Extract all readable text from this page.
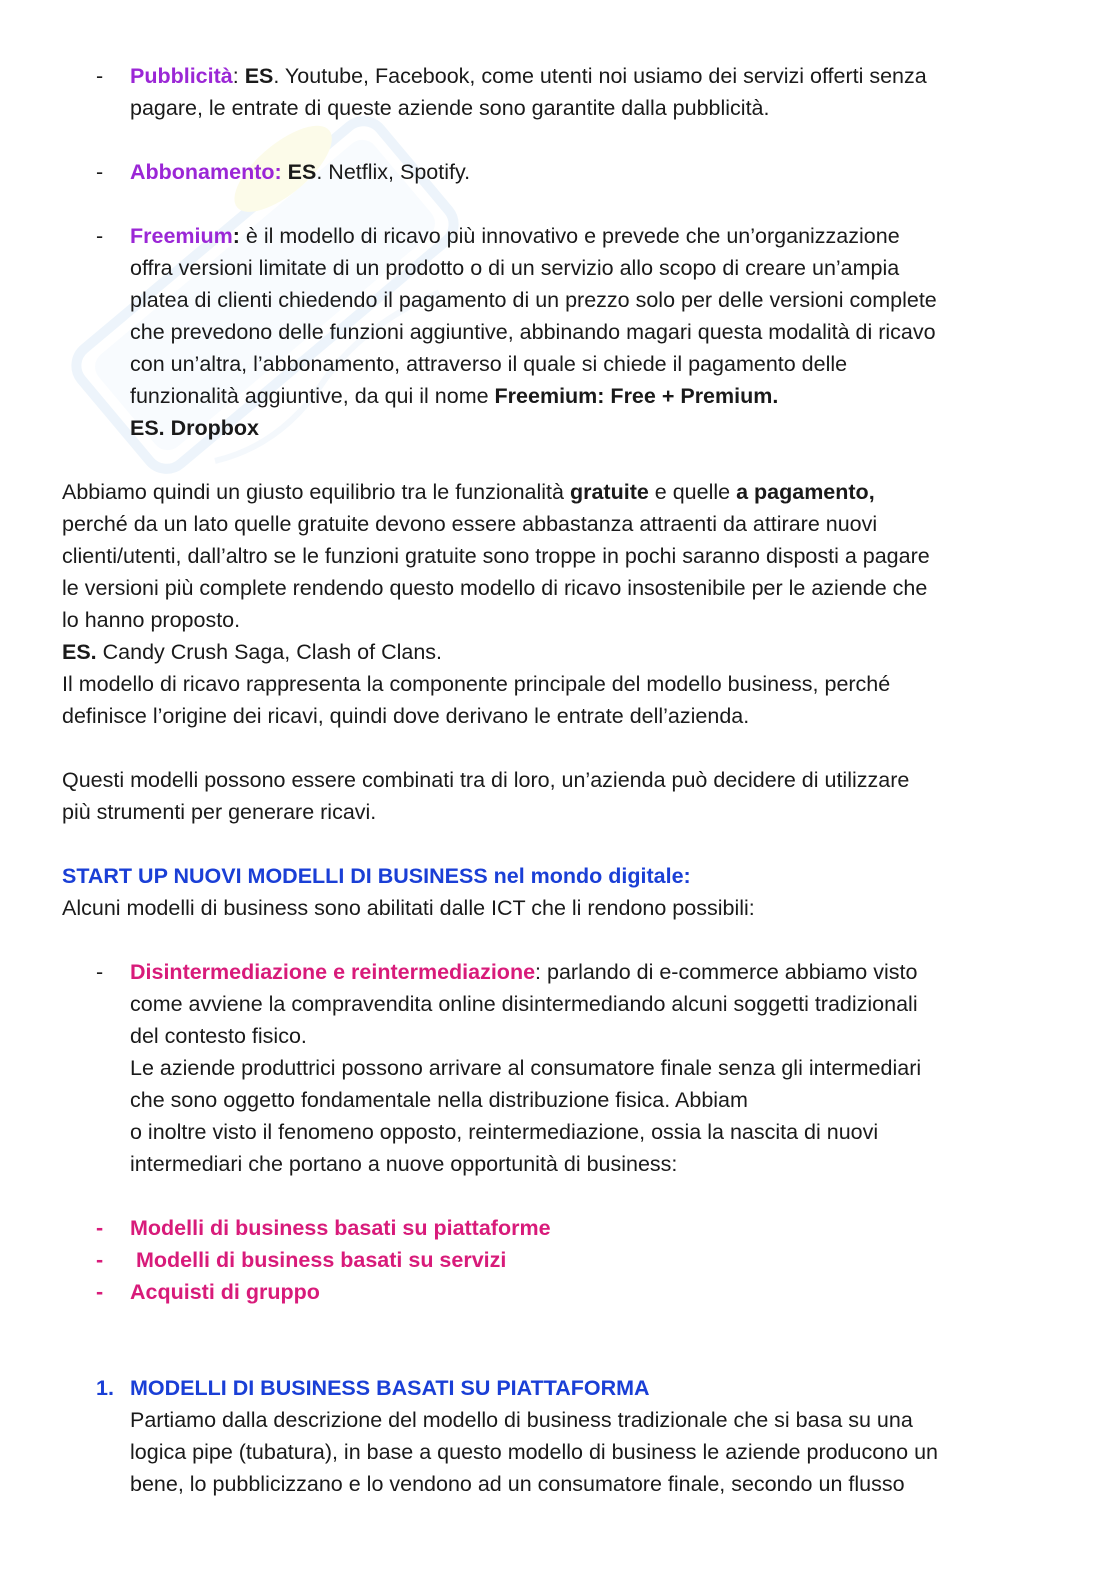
- Pubblicità: ES. Youtube, Facebook, come utenti noi usiamo dei servizi offerti senza
pagare, le entrate di queste aziende sono garantite dalla pubblicità.
- Abbonamento: ES. Netflix, Spotify.
- Freemium: è il modello di ricavo più innovativo e prevede che un’organizzazione
offra versioni limitate di un prodotto o di un servizio allo scopo di creare un’ampia
platea di clienti chiedendo il pagamento di un prezzo solo per delle versioni complete
che prevedono delle funzioni aggiuntive, abbinando magari questa modalità di ricavo
con un’altra, l’abbonamento, attraverso il quale si chiede il pagamento delle
funzionalità aggiuntive, da qui il nome Freemium: Free + Premium.
ES. Dropbox
Abbiamo quindi un giusto equilibrio tra le funzionalità gratuite e quelle a pagamento,
perché da un lato quelle gratuite devono essere abbastanza attraenti da attirare nuovi
clienti/utenti, dall’altro se le funzioni gratuite sono troppe in pochi saranno disposti a pagare
le versioni più complete rendendo questo modello di ricavo insostenibile per le aziende che
lo hanno proposto.
ES. Candy Crush Saga, Clash of Clans.
Il modello di ricavo rappresenta la componente principale del modello business, perché
definisce l’origine dei ricavi, quindi dove derivano le entrate dell’azienda.
Questi modelli possono essere combinati tra di loro, un’azienda può decidere di utilizzare
più strumenti per generare ricavi.
START UP NUOVI MODELLI DI BUSINESS nel mondo digitale:
Alcuni modelli di business sono abilitati dalle ICT che li rendono possibili:
- Disintermediazione e reintermediazione: parlando di e-commerce abbiamo visto
come avviene la compravendita online disintermediando alcuni soggetti tradizionali
del contesto fisico.
Le aziende produttrici possono arrivare al consumatore finale senza gli intermediari
che sono oggetto fondamentale nella distribuzione fisica. Abbiam
o inoltre visto il fenomeno opposto, reintermediazione, ossia la nascita di nuovi
intermediari che portano a nuove opportunità di business:
- Modelli di business basati su piattaforme
- Modelli di business basati su servizi
- Acquisti di gruppo
1. MODELLI DI BUSINESS BASATI SU PIATTAFORMA
Partiamo dalla descrizione del modello di business tradizionale che si basa su una
logica pipe (tubatura), in base a questo modello di business le aziende producono un
bene, lo pubblicizzano e lo vendono ad un consumatore finale, secondo un flusso
